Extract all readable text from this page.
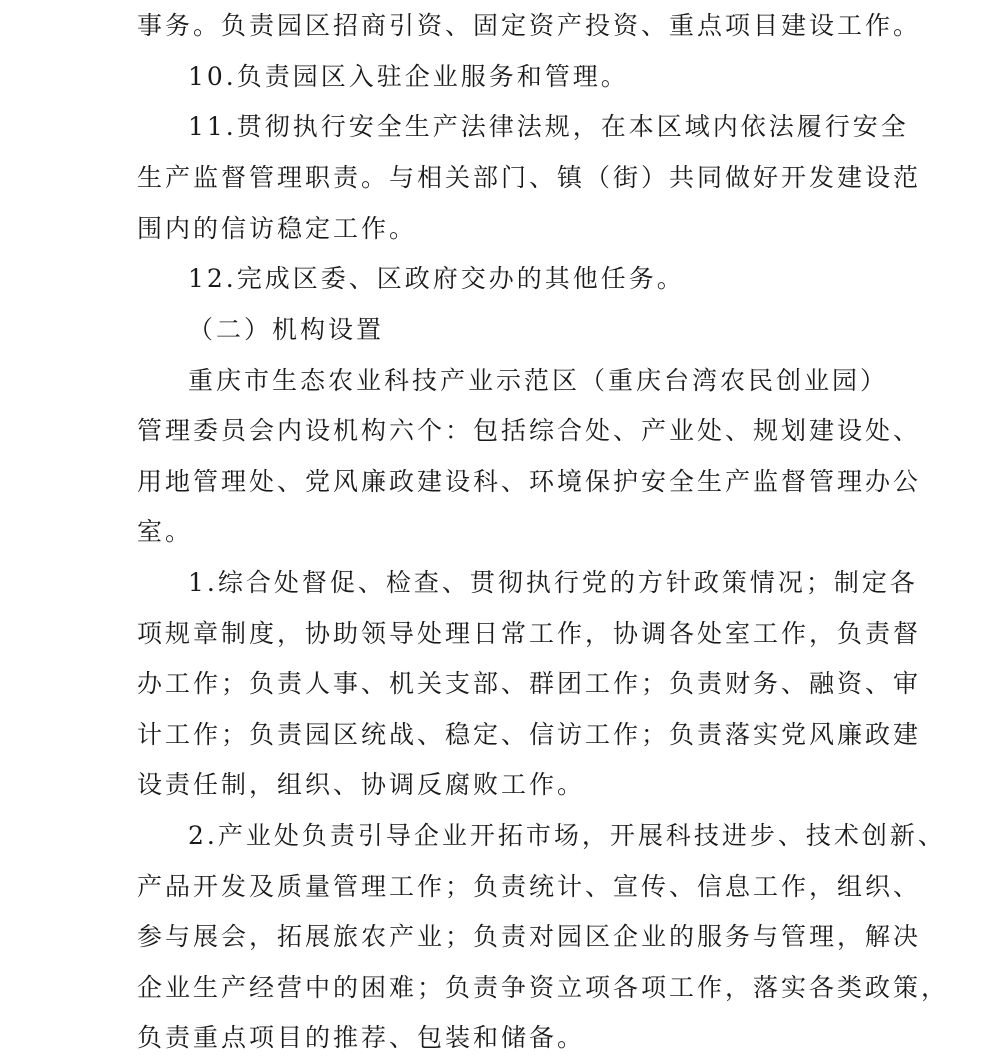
事务。负责园区招商引资、固定资产投资、重点项目建设工作。
10.负责园区入驻企业服务和管理。
11.贯彻执行安全生产法律法规，在本区域内依法履行安全
生产监督管理职责。与相关部门、镇（街）共同做好开发建设范
围内的信访稳定工作。
12.完成区委、区政府交办的其他任务。
（二）机构设置
重庆市生态农业科技产业示范区（重庆台湾农民创业园）
管理委员会内设机构六个：包括综合处、产业处、规划建设处、
用地管理处、党风廉政建设科、环境保护安全生产监督管理办公
室。
1.综合处督促、检查、贯彻执行党的方针政策情况；制定各
项规章制度，协助领导处理日常工作，协调各处室工作，负责督
办工作；负责人事、机关支部、群团工作；负责财务、融资、审
计工作；负责园区统战、稳定、信访工作；负责落实党风廉政建
设责任制，组织、协调反腐败工作。
2.产业处负责引导企业开拓市场，开展科技进步、技术创新、
产品开发及质量管理工作；负责统计、宣传、信息工作，组织、
参与展会，拓展旅农产业；负责对园区企业的服务与管理，解决
企业生产经营中的困难；负责争资立项各项工作，落实各类政策，
负责重点项目的推荐、包装和储备。
